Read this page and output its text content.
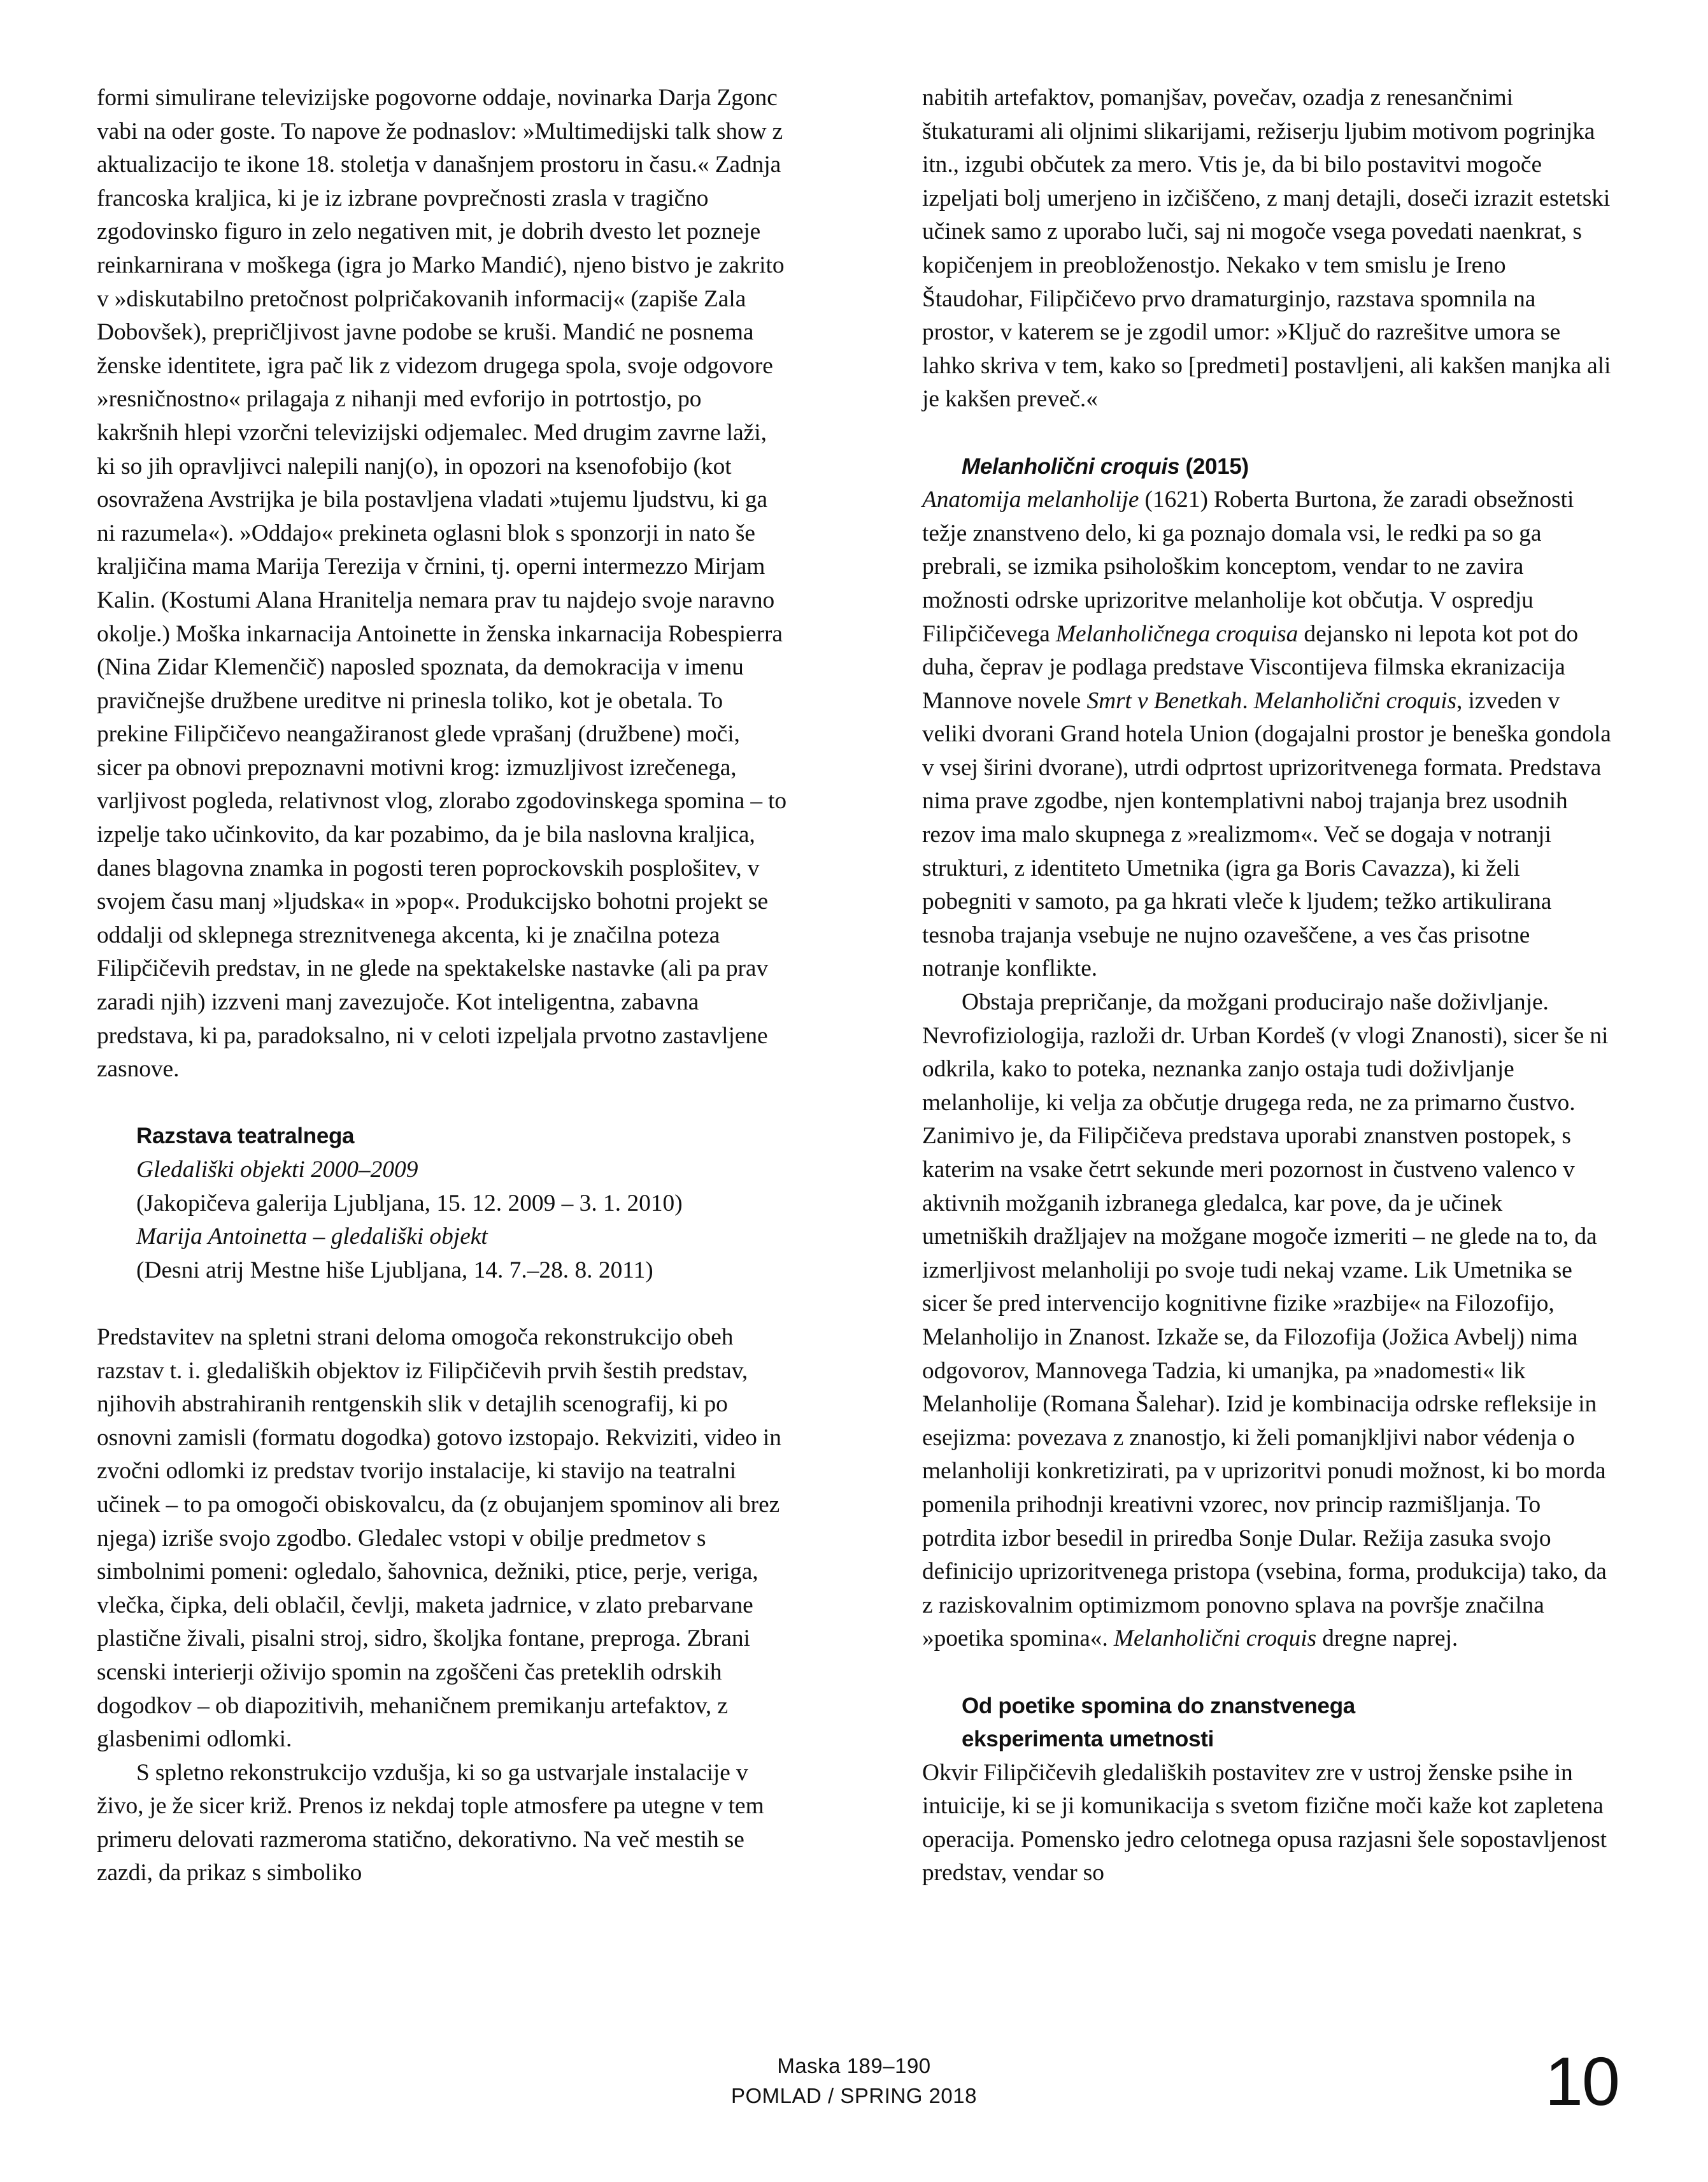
formi simulirane televizijske pogovorne oddaje, novinarka Darja Zgonc vabi na oder goste. To napove že podnaslov: »Multimedijski talk show z aktualizacijo te ikone 18. stoletja v današnjem prostoru in času.« Zadnja francoska kraljica, ki je iz izbrane povprečnosti zrasla v tragično zgodovinsko figuro in zelo negativen mit, je dobrih dvesto let pozneje reinkarnirana v moškega (igra jo Marko Mandić), njeno bistvo je zakrito v »diskutabilno pretočnost polpričakovanih informacij« (zapiše Zala Dobovšek), prepričljivost javne podobe se kruši. Mandić ne posnema ženske identitete, igra pač lik z videzom drugega spola, svoje odgovore »resničnostno« prilagaja z nihanji med evforijo in potrtostjo, po kakršnih hlepi vzorčni televizijski odjemalec. Med drugim zavrne laži, ki so jih opravljivci nalepili nanj(o), in opozori na ksenofobijo (kot osovražena Avstrijka je bila postavljena vladati »tujemu ljudstvu, ki ga ni razumela«). »Oddajo« prekineta oglasni blok s sponzorji in nato še kraljičina mama Marija Terezija v črnini, tj. operni intermezzo Mirjam Kalin. (Kostumi Alana Hranitelja nemara prav tu najdejo svoje naravno okolje.) Moška inkarnacija Antoinette in ženska inkarnacija Robespierra (Nina Zidar Klemenčič) naposled spoznata, da demokracija v imenu pravičnejše družbene ureditve ni prinesla toliko, kot je obetala. To prekine Filipčičevo neangažiranost glede vprašanj (družbene) moči, sicer pa obnovi prepoznavni motivni krog: izmuzljivost izrečenega, varljivost pogleda, relativnost vlog, zlorabo zgodovinskega spomina – to izpelje tako učinkovito, da kar pozabimo, da je bila naslovna kraljica, danes blagovna znamka in pogosti teren poprockovskih posplošitev, v svojem času manj »ljudska« in »pop«. Produkcijsko bohotni projekt se oddalji od sklepnega streznitvenega akcenta, ki je značilna poteza Filipčičevih predstav, in ne glede na spektakelske nastavke (ali pa prav zaradi njih) izzveni manj zavezujoče. Kot inteligentna, zabavna predstava, ki pa, paradoksalno, ni v celoti izpeljala prvotno zastavljene zasnove.

Razstava teatralnega
Gledališki objekti 2000–2009
(Jakopičeva galerija Ljubljana, 15. 12. 2009 – 3. 1. 2010)
Marija Antoinetta – gledališki objekt
(Desni atrij Mestne hiše Ljubljana, 14. 7.–28. 8. 2011)

Predstavitev na spletni strani deloma omogoča rekonstrukcijo obeh razstav t. i. gledaliških objektov iz Filipčičevih prvih šestih predstav, njihovih abstrahiranih rentgenskih slik v detajlih scenografij, ki po osnovni zamisli (formatu dogodka) gotovo izstopajo. Rekviziti, video in zvočni odlomki iz predstav tvorijo instalacije, ki stavijo na teatralni učinek – to pa omogoči obiskovalcu, da (z obujanjem spominov ali brez njega) izriše svojo zgodbo. Gledalec vstopi v obilje predmetov s simbolnimi pomeni: ogledalo, šahovnica, dežniki, ptice, perje, veriga, vlečka, čipka, deli oblačil, čevlji, maketa jadrnice, v zlato prebarvane plastične živali, pisalni stroj, sidro, školjka fontane, preproga. Zbrani scenski interierji oživijo spomin na zgoščeni čas preteklih odrskih dogodkov – ob diapozitivih, mehaničnem premikanju artefaktov, z glasbenimi odlomki.

S spletno rekonstrukcijo vzdušja, ki so ga ustvarjale instalacije v živo, je že sicer križ. Prenos iz nekdaj tople atmosfere pa utegne v tem primeru delovati razmeroma statično, dekorativno. Na več mestih se zazdi, da prikaz s simboliko

nabitih artefaktov, pomanjšav, povečav, ozadja z renesančnimi štukaturami ali oljnimi slikarijami, režiserju ljubim motivom pogrinjka itn., izgubi občutek za mero. Vtis je, da bi bilo postavitvi mogoče izpeljati bolj umerjeno in izčiščeno, z manj detajli, doseči izrazit estetski učinek samo z uporabo luči, saj ni mogoče vsega povedati naenkrat, s kopičenjem in preobloženostjo. Nekako v tem smislu je Ireno Štaudohar, Filipčičevo prvo dramaturginjo, razstava spomnila na prostor, v katerem se je zgodil umor: »Ključ do razrešitve umora se lahko skriva v tem, kako so [predmeti] postavljeni, ali kakšen manjka ali je kakšen preveč.«

Melanholični croquis (2015)

Anatomija melanholije (1621) Roberta Burtona, že zaradi obsežnosti težje znanstveno delo, ki ga poznajo domala vsi, le redki pa so ga prebrali, se izmika psihološkim konceptom, vendar to ne zavira možnosti odrske uprizoritve melanholije kot občutja. V ospredju Filipčičevega Melanholičnega croquisa dejansko ni lepota kot pot do duha, čeprav je podlaga predstave Viscontijeva filmska ekranizacija Mannove novele Smrt v Benetkah. Melanholični croquis, izveden v veliki dvorani Grand hotela Union (dogajalni prostor je beneška gondola v vsej širini dvorane), utrdi odprtost uprizoritvenega formata. Predstava nima prave zgodbe, njen kontemplativni naboj trajanja brez usodnih rezov ima malo skupnega z »realizmom«. Več se dogaja v notranji strukturi, z identiteto Umetnika (igra ga Boris Cavazza), ki želi pobegniti v samoto, pa ga hkrati vleče k ljudem; težko artikulirana tesnoba trajanja vsebuje ne nujno ozaveščene, a ves čas prisotne notranje konflikte.

Obstaja prepričanje, da možgani producirajo naše doživljanje. Nevrofiziologija, razloži dr. Urban Kordeš (v vlogi Znanosti), sicer še ni odkrila, kako to poteka, neznanka zanjo ostaja tudi doživljanje melanholije, ki velja za občutje drugega reda, ne za primarno čustvo. Zanimivo je, da Filipčičeva predstava uporabi znanstven postopek, s katerim na vsake četrt sekunde meri pozornost in čustveno valenco v aktivnih možganih izbranega gledalca, kar pove, da je učinek umetniških dražljajev na možgane mogoče izmeriti – ne glede na to, da izmerljivost melanholiji po svoje tudi nekaj vzame. Lik Umetnika se sicer še pred intervencijo kognitivne fizike »razbije« na Filozofijo, Melanholijo in Znanost. Izkaže se, da Filozofija (Jožica Avbelj) nima odgovorov, Mannovega Tadzia, ki umanjka, pa »nadomesti« lik Melanholije (Romana Šalehar). Izid je kombinacija odrske refleksije in esejizma: povezava z znanostjo, ki želi pomanjkljivi nabor védenja o melanholiji konkretizirati, pa v uprizoritvi ponudi možnost, ki bo morda pomenila prihodnji kreativni vzorec, nov princip razmišljanja. To potrdita izbor besedil in priredba Sonje Dular. Režija zasuka svojo definicijo uprizoritvenega pristopa (vsebina, forma, produkcija) tako, da z raziskovalnim optimizmom ponovno splava na površje značilna »poetika spomina«. Melanholični croquis dregne naprej.

Od poetike spomina do znanstvenega
eksperimenta umetnosti

Okvir Filipčičevih gledaliških postavitev zre v ustroj ženske psihe in intuicije, ki se ji komunikacija s svetom fizične moči kaže kot zapletena operacija. Pomensko jedro celotnega opusa razjasni šele sopostavljenost predstav, vendar so

Maska 189–190
POMLAD / SPRING 2018	10
